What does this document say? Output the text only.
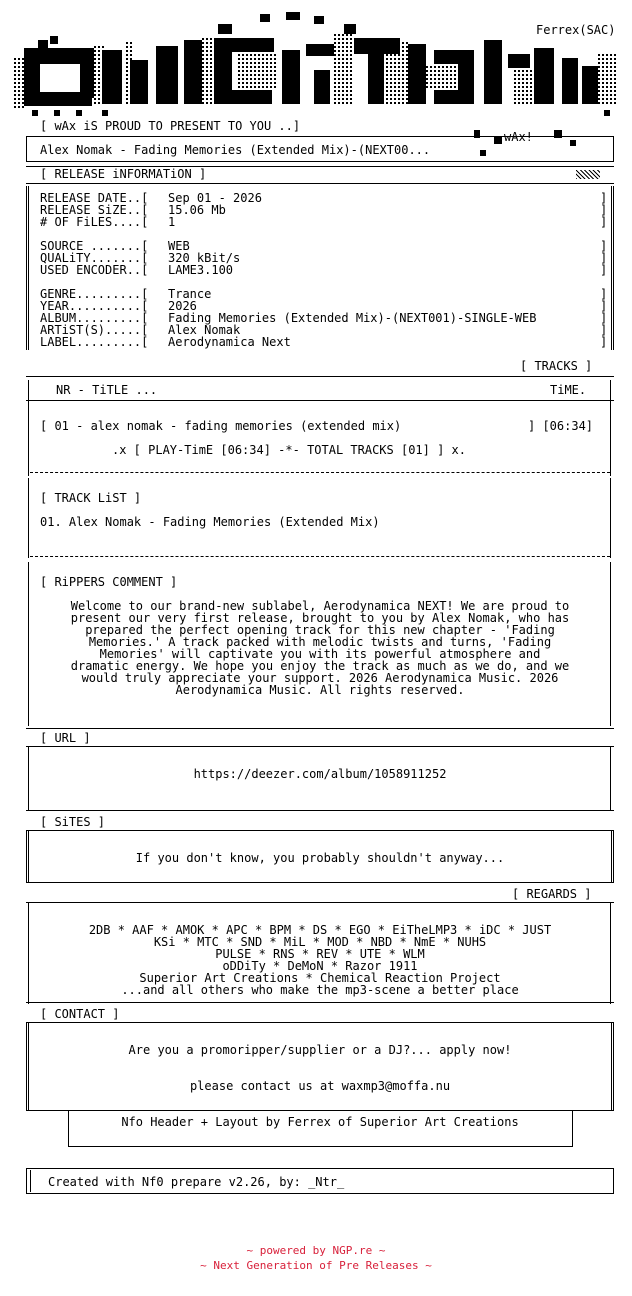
Ferrex(SAC)
wAx!
[ wAx iS PROUD TO PRESENT TO YOU ..]
Alex Nomak - Fading Memories (Extended Mix)-(NEXT00...
[ RELEASE iNFORMATiON ]
RELEASE DATE..[ Sep 01 - 2026
RELEASE SiZE..[ 15.06 Mb
# OF FiLES....[ 1
SOURCE .......[ WEB
QUALiTY.......[ 320 kBit/s
USED ENCODER..[ LAME3.100
GENRE.........[ Trance
YEAR..........[ 2026
ALBUM.........[ Fading Memories (Extended Mix)-(NEXT001)-SINGLE-WEB
ARTiST(S).....[ Alex Nomak
LABEL.........[ Aerodynamica Next
]
]
]

]
]
]

]
]
]
]
]
[ TRACKS ]
NR - TiTLE ...	TiME.
[ 01 - alex nomak - fading memories (extended mix)	] [06:34]
.x [ PLAY-TimE [06:34] -*- TOTAL TRACKS [01] ] x.
[ TRACK LiST ]
01. Alex Nomak - Fading Memories (Extended Mix)
[ RiPPERS C0MMENT ]
Welcome to our brand-new sublabel, Aerodynamica NEXT! We are proud to
present our very first release, brought to you by Alex Nomak, who has
prepared the perfect opening track for this new chapter - 'Fading
Memories.' A track packed with melodic twists and turns, 'Fading
Memories' will captivate you with its powerful atmosphere and
dramatic energy. We hope you enjoy the track as much as we do, and we
would truly appreciate your support. 2026 Aerodynamica Music. 2026
Aerodynamica Music. All rights reserved.
[ URL ]
https://deezer.com/album/1058911252
[ SiTES ]
If you don't know, you probably shouldn't anyway...
[ REGARDS ]
2DB * AAF * AMOK * APC * BPM * DS * EGO * EiTheLMP3 * iDC * JUST
KSi * MTC * SND * MiL * MOD * NBD * NmE * NUHS
PULSE * RNS * REV * UTE * WLM
oDDiTy * DeMoN * Razor 1911
Superior Art Creations * Chemical Reaction Project
...and all others who make the mp3-scene a better place
[ CONTACT ]
Are you a promoripper/supplier or a DJ?... apply now!
please contact us at waxmp3@moffa.nu
Nfo Header + Layout by Ferrex of Superior Art Creations
Created with Nf0 prepare v2.26, by: _Ntr_
~ powered by NGP.re ~
~ Next Generation of Pre Releases ~
